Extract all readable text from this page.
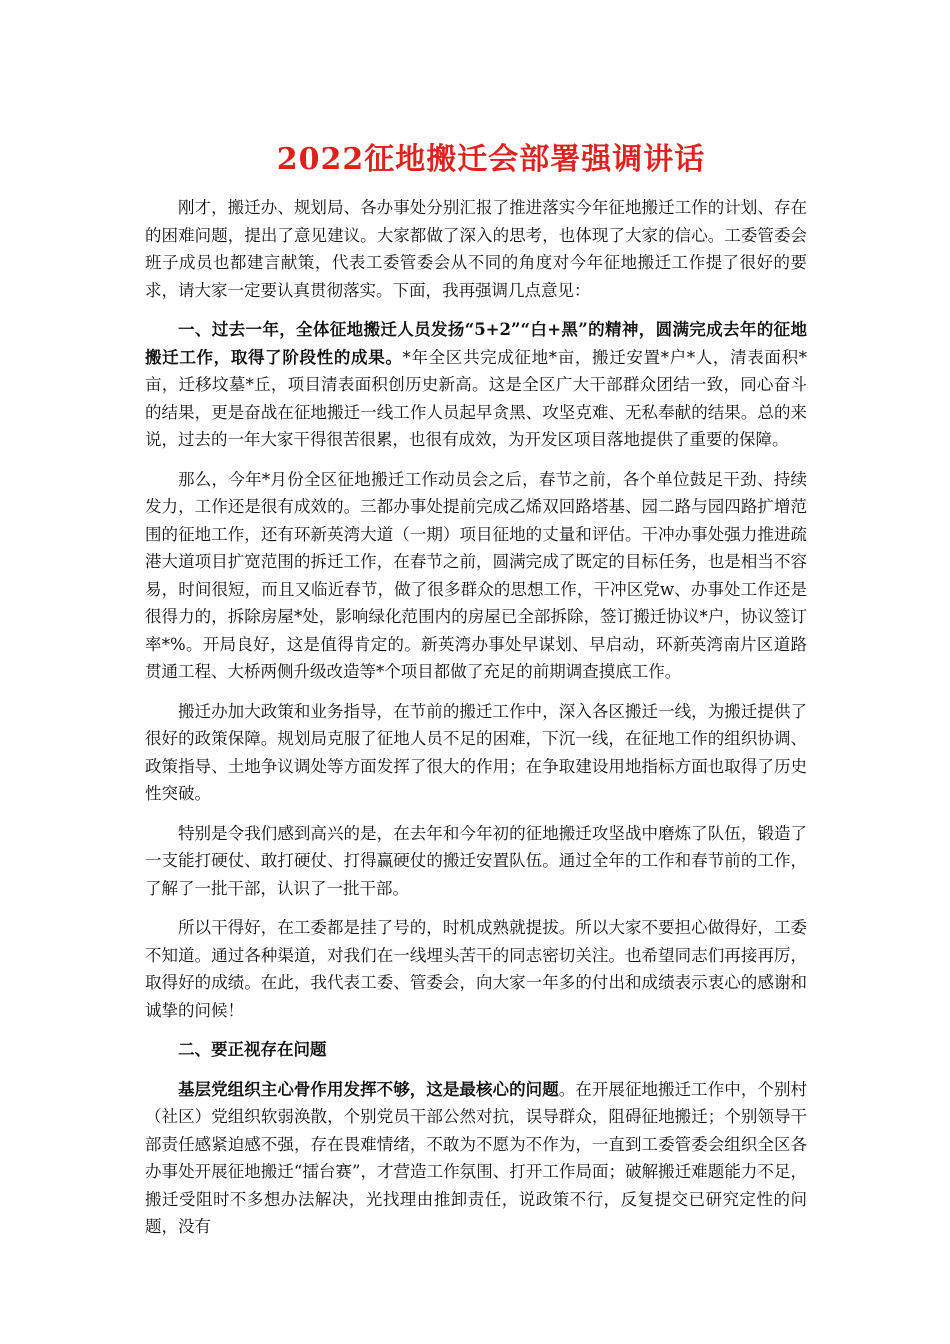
2022征地搬迁会部署强调讲话

刚才，搬迁办、规划局、各办事处分别汇报了推进落实今年征地搬迁工作的计划、存在的困难问题，提出了意见建议。大家都做了深入的思考，也体现了大家的信心。工委管委会班子成员也都建言献策，代表工委管委会从不同的角度对今年征地搬迁工作提了很好的要求，请大家一定要认真贯彻落实。下面，我再强调几点意见：

一、过去一年，全体征地搬迁人员发扬“5+2”“白+黑”的精神，圆满完成去年的征地搬迁工作，取得了阶段性的成果。*年全区共完成征地*亩，搬迁安置*户*人，清表面积*亩，迁移坟墓*丘，项目清表面积创历史新高。这是全区广大干部群众团结一致，同心奋斗的结果，更是奋战在征地搬迁一线工作人员起早贪黑、攻坚克难、无私奉献的结果。总的来说，过去的一年大家干得很苦很累，也很有成效，为开发区项目落地提供了重要的保障。

那么，今年*月份全区征地搬迁工作动员会之后，春节之前，各个单位鼓足干劲、持续发力，工作还是很有成效的。三都办事处提前完成乙烯双回路塔基、园二路与园四路扩增范围的征地工作，还有环新英湾大道（一期）项目征地的丈量和评估。干冲办事处强力推进疏港大道项目扩宽范围的拆迁工作，在春节之前，圆满完成了既定的目标任务，也是相当不容易，时间很短，而且又临近春节，做了很多群众的思想工作，干冲区党w、办事处工作还是很得力的，拆除房屋*处，影响绿化范围内的房屋已全部拆除，签订搬迁协议*户，协议签订率*%。开局良好，这是值得肯定的。新英湾办事处早谋划、早启动，环新英湾南片区道路贯通工程、大桥两侧升级改造等*个项目都做了充足的前期调查摸底工作。

搬迁办加大政策和业务指导，在节前的搬迁工作中，深入各区搬迁一线，为搬迁提供了很好的政策保障。规划局克服了征地人员不足的困难，下沉一线，在征地工作的组织协调、政策指导、土地争议调处等方面发挥了很大的作用；在争取建设用地指标方面也取得了历史性突破。

特别是令我们感到高兴的是，在去年和今年初的征地搬迁攻坚战中磨炼了队伍，锻造了一支能打硬仗、敢打硬仗、打得赢硬仗的搬迁安置队伍。通过全年的工作和春节前的工作，了解了一批干部，认识了一批干部。

所以干得好，在工委都是挂了号的，时机成熟就提拔。所以大家不要担心做得好，工委不知道。通过各种渠道，对我们在一线埋头苦干的同志密切关注。也希望同志们再接再厉，取得好的成绩。在此，我代表工委、管委会，向大家一年多的付出和成绩表示衷心的感谢和诚挚的问候！

二、要正视存在问题

基层党组织主心骨作用发挥不够，这是最核心的问题。在开展征地搬迁工作中，个别村（社区）党组织软弱涣散，个别党员干部公然对抗，误导群众，阻碍征地搬迁；个别领导干部责任感紧迫感不强，存在畏难情绪，不敢为不愿为不作为，一直到工委管委会组织全区各办事处开展征地搬迁“擂台赛”，才营造工作氛围、打开工作局面；破解搬迁难题能力不足，搬迁受阻时不多想办法解决，光找理由推卸责任，说政策不行，反复提交已研究定性的问题，没有
